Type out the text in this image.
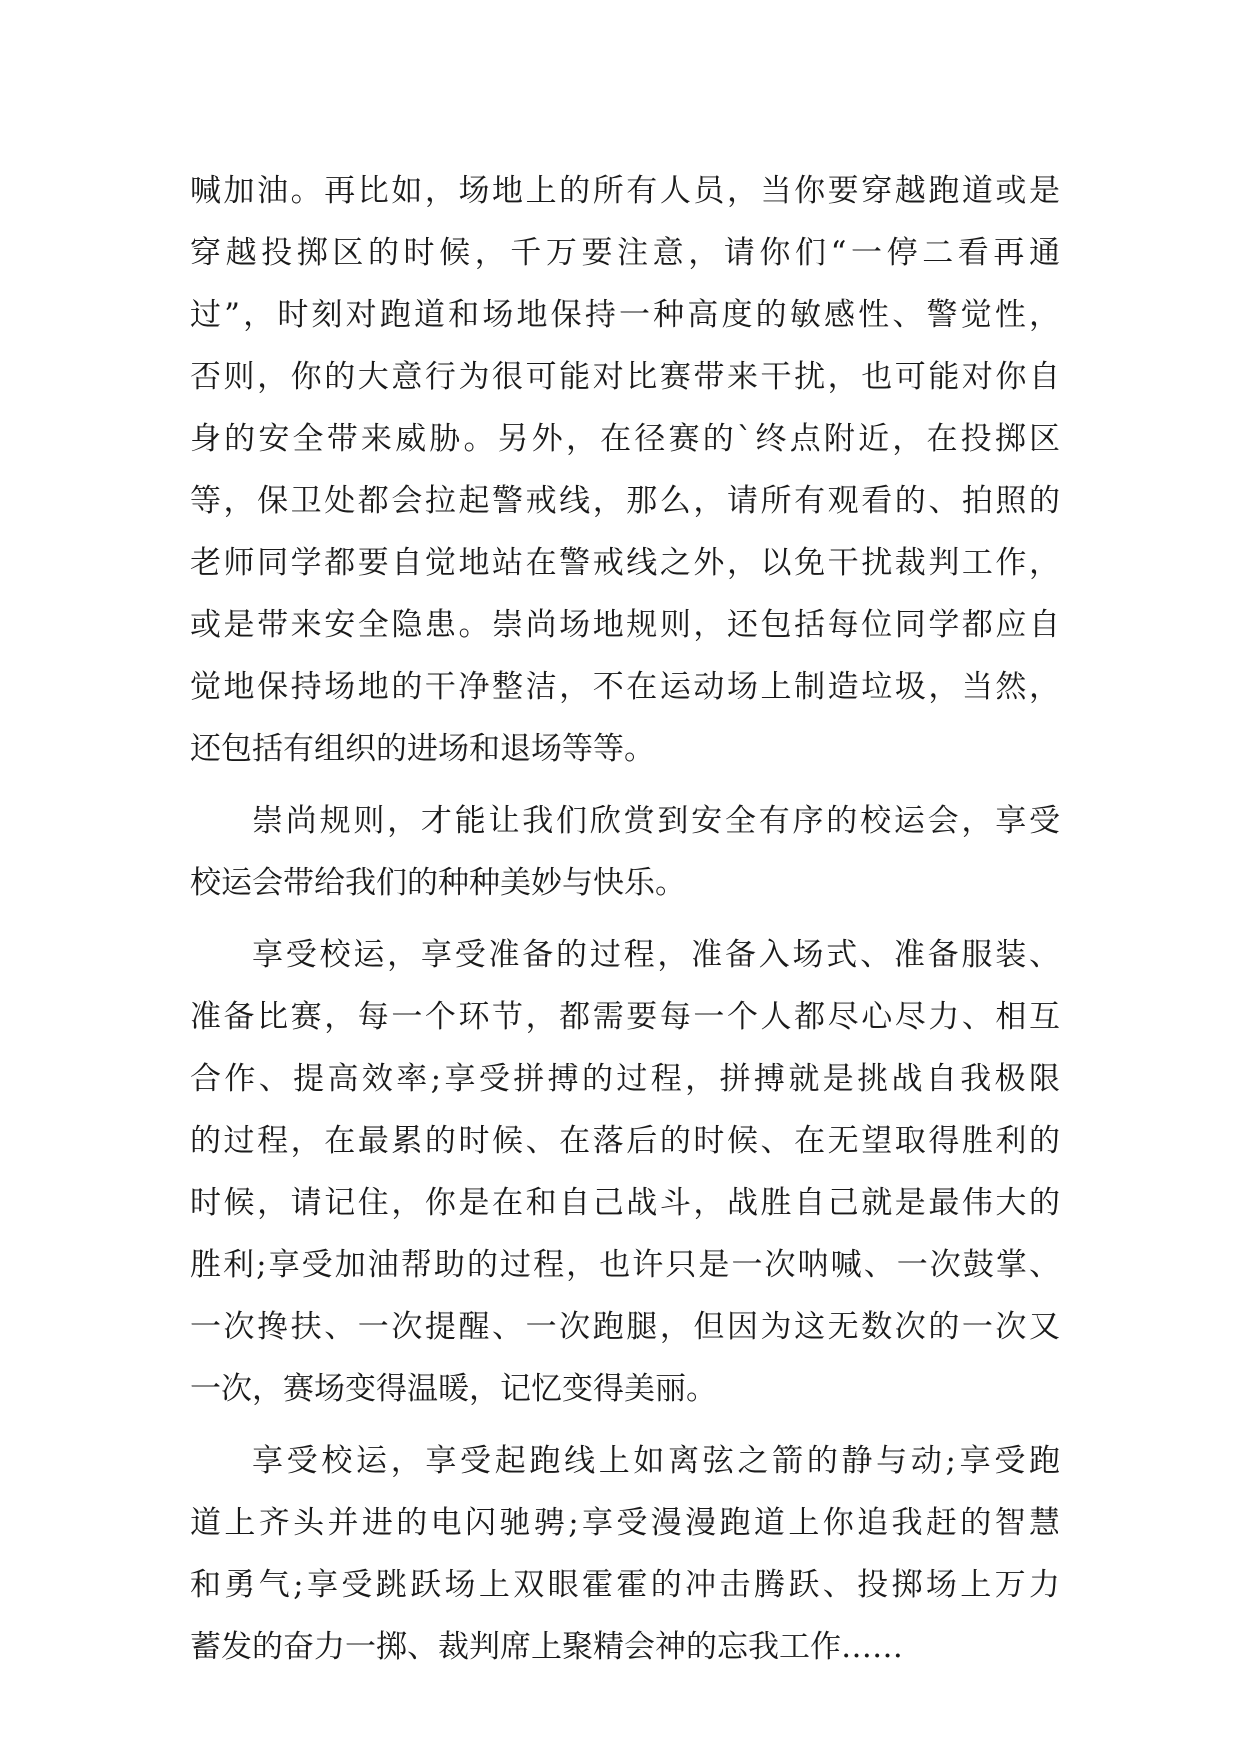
喊加油。再比如，场地上的所有人员，当你要穿越跑道或是
穿越投掷区的时候，千万要注意，请你们“一停二看再通
过”，时刻对跑道和场地保持一种高度的敏感性、警觉性，
否则，你的大意行为很可能对比赛带来干扰，也可能对你自
身的安全带来威胁。另外，在径赛的`终点附近，在投掷区
等，保卫处都会拉起警戒线，那么，请所有观看的、拍照的
老师同学都要自觉地站在警戒线之外，以免干扰裁判工作，
或是带来安全隐患。崇尚场地规则，还包括每位同学都应自
觉地保持场地的干净整洁，不在运动场上制造垃圾，当然，
还包括有组织的进场和退场等等。
崇尚规则，才能让我们欣赏到安全有序的校运会，享受
校运会带给我们的种种美妙与快乐。
享受校运，享受准备的过程，准备入场式、准备服装、
准备比赛，每一个环节，都需要每一个人都尽心尽力、相互
合作、提高效率;享受拼搏的过程，拼搏就是挑战自我极限
的过程，在最累的时候、在落后的时候、在无望取得胜利的
时候，请记住，你是在和自己战斗，战胜自己就是最伟大的
胜利;享受加油帮助的过程，也许只是一次呐喊、一次鼓掌、
一次搀扶、一次提醒、一次跑腿，但因为这无数次的一次又
一次，赛场变得温暖，记忆变得美丽。
享受校运，享受起跑线上如离弦之箭的静与动;享受跑
道上齐头并进的电闪驰骋;享受漫漫跑道上你追我赶的智慧
和勇气;享受跳跃场上双眼霍霍的冲击腾跃、投掷场上万力
蓄发的奋力一掷、裁判席上聚精会神的忘我工作……
